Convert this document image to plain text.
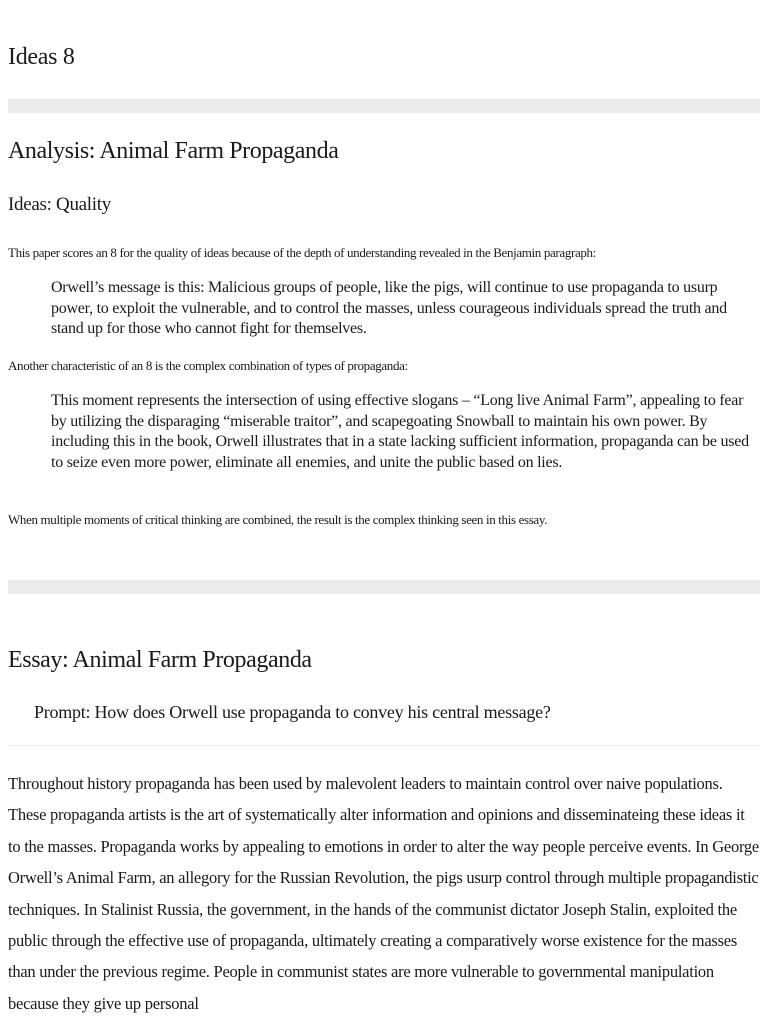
Ideas 8
Analysis: Animal Farm Propaganda
Ideas: Quality

This paper scores an 8 for the quality of ideas because of the depth of understanding revealed in the Benjamin paragraph:

Orwell’s message is this: Malicious groups of people, like the pigs, will continue to use propaganda to usurp power, to exploit the vulnerable, and to control the masses, unless courageous individuals spread the truth and stand up for those who cannot fight for themselves.

Another characteristic of an 8 is the complex combination of types of propaganda:

This moment represents the intersection of using effective slogans – “Long live Animal Farm”, appealing to fear by utilizing the disparaging “miserable traitor”, and scapegoating Snowball to maintain his own power. By including this in the book, Orwell illustrates that in a state lacking sufficient information, propaganda can be used to seize even more power, eliminate all enemies, and unite the public based on lies.

When multiple moments of critical thinking are combined, the result is the complex thinking seen in this essay.

Essay: Animal Farm Propaganda

Prompt: How does Orwell use propaganda to convey his central message?

Throughout history propaganda has been used by malevolent leaders to maintain control over naive populations. These propaganda artists is the art of systematically alter information and opinions and disseminateing these ideas it to the masses. Propaganda works by appealing to emotions in order to alter the way people perceive events. In George Orwell’s Animal Farm, an allegory for the Russian Revolution, the pigs usurp control through multiple propagandistic techniques. In Stalinist Russia, the government, in the hands of the communist dictator Joseph Stalin, exploited the public through the effective use of propaganda, ultimately creating a comparatively worse existence for the masses than under the previous regime. People in communist states are more vulnerable to governmental manipulation because they give up personal
